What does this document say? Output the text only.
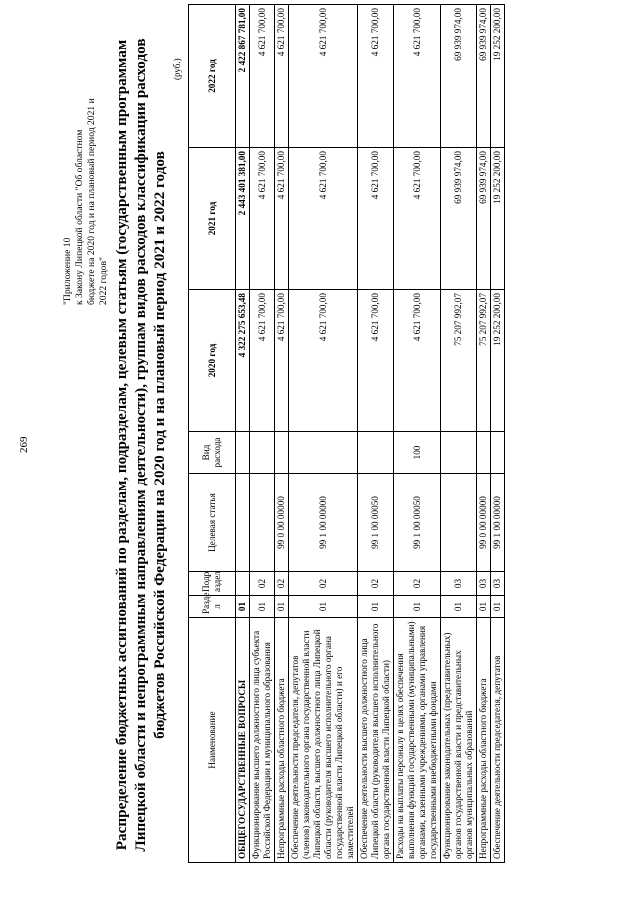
269
"Приложение 10 к Закону Липецкой области "Об областном бюджете на 2020 год и на плановый период 2021 и 2022 годов" Распределение бюджетных ассигнований по разделам, подразделам, целевым статьям (государственным программам Липецкой области и непрограммным направлениям деятельности), группам видов расходов классификации расходов бюджетов Российской Федерации на 2020 год и на плановый период 2021 и 2022 годов
(руб.)
Наименование	Разде л	Подр аздел	Целевая статья	Вид расхода	2020 год	2021 год	2022 год
ОБЩЕГОСУДАРСТВЕННЫЕ ВОПРОСЫ	01				4 322 275 653,48	2 443 401 381,00	2 422 867 781,00
Функционирование высшего должностного лица субъекта Российской Федерации и муниципального образования	01	02			4 621 700,00	4 621 700,00	4 621 700,00
Непрограммные расходы областного бюджета	01	02	99 0 00 00000		4 621 700,00	4 621 700,00	4 621 700,00
Обеспечение деятельности председателя, депутатов (членов) законодательного органа государственной власти Липецкой области, высшего должностного лица Липецкой области (руководителя высшего исполнительного органа государственной власти Липецкой области) и его заместителей	01	02	99 1 00 00000		4 621 700,00	4 621 700,00	4 621 700,00
Обеспечение деятельности высшего должностного лица Липецкой области (руководителя высшего исполнительного органа государственной власти Липецкой области)	01	02	99 1 00 00050		4 621 700,00	4 621 700,00	4 621 700,00
Расходы на выплаты персоналу в целях обеспечения выполнения функций государственными (муниципальными) органами, казенными учреждениями, органами управления государственными внебюджетными фондами	01	02	99 1 00 00050	100	4 621 700,00	4 621 700,00	4 621 700,00
Функционирование законодательных (представительных) органов государственной власти и представительных органов муниципальных образований	01	03			75 207 992,07	69 939 974,00	69 939 974,00
Непрограммные расходы областного бюджета	01	03	99 0 00 00000		75 207 992,07	69 939 974,00	69 939 974,00
Обеспечение деятельности председателя, депутатов	01	03	99 1 00 00000		19 252 200,00	19 252 200,00	19 252 200,00
